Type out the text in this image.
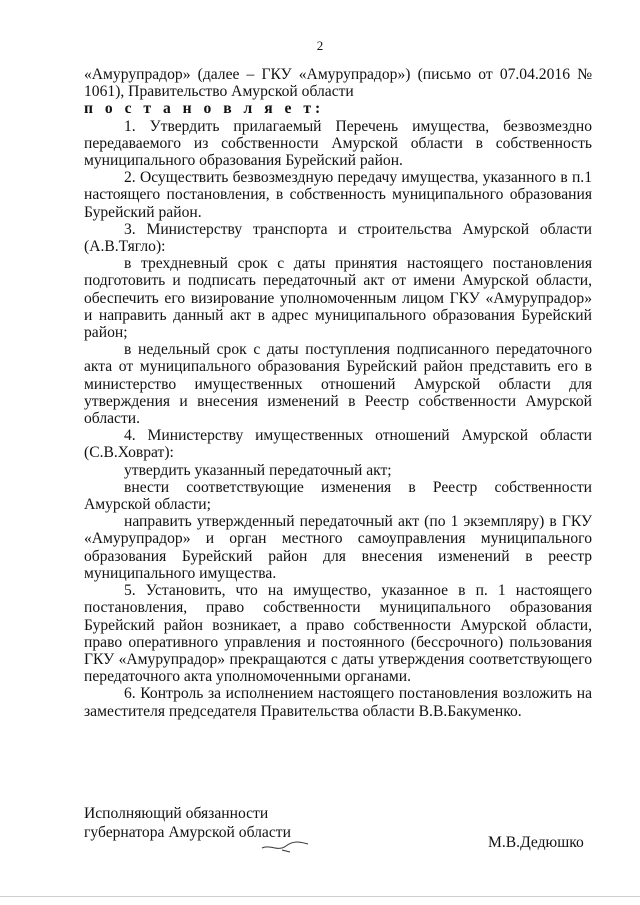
2

«Амурупрадор» (далее – ГКУ «Амурупрадор») (письмо от 07.04.2016 № 1061), Правительство Амурской области

п о с т а н о в л я е т:

1. Утвердить прилагаемый Перечень имущества, безвозмездно передаваемого из собственности Амурской области в собственность муниципального образования Бурейский район.

2. Осуществить безвозмездную передачу имущества, указанного в п.1 настоящего постановления, в собственность муниципального образования Бурейский район.

3. Министерству транспорта и строительства Амурской области (А.В.Тягло):

в трехдневный срок с даты принятия настоящего постановления подготовить и подписать передаточный акт от имени Амурской области, обеспечить его визирование уполномоченным лицом ГКУ «Амурупрадор» и направить данный акт в адрес муниципального образования Бурейский район;

в недельный срок с даты поступления подписанного передаточного акта от муниципального образования Бурейский район представить его в министерство имущественных отношений Амурской области для утверждения и внесения изменений в Реестр собственности Амурской области.

4. Министерству имущественных отношений Амурской области (С.В.Ховрат):

утвердить указанный передаточный акт;

внести соответствующие изменения в Реестр собственности Амурской области;

направить утвержденный передаточный акт (по 1 экземпляру) в ГКУ «Амурупрадор» и орган местного самоуправления муниципального образования Бурейский район для внесения изменений в реестр муниципального имущества.

5. Установить, что на имущество, указанное в п. 1 настоящего постановления, право собственности муниципального образования Бурейский район возникает, а право собственности Амурской области, право оперативного управления и постоянного (бессрочного) пользования ГКУ «Амурупрадор» прекращаются с даты утверждения соответствующего передаточного акта уполномоченными органами.

6. Контроль за исполнением настоящего постановления возложить на заместителя председателя Правительства области В.В.Бакуменко.

Исполняющий обязанности
губернатора Амурской области
М.В.Дедюшко
